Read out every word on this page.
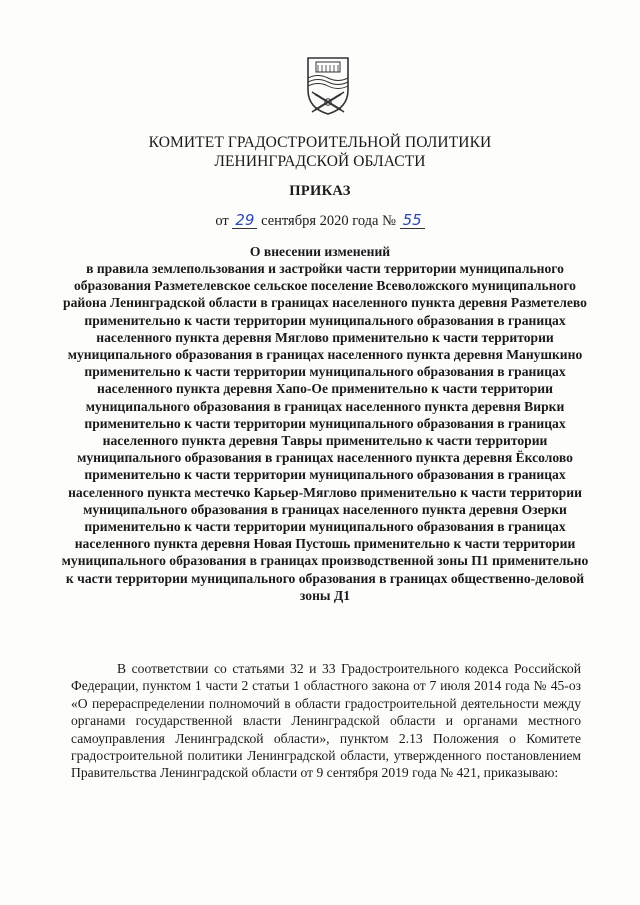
КОМИТЕТ ГРАДОСТРОИТЕЛЬНОЙ ПОЛИТИКИ
ЛЕНИНГРАДСКОЙ ОБЛАСТИ
ПРИКАЗ
от 29 сентября 2020 года № 55
О внесении изменений
в правила землепользования и застройки части территории муниципального образования Разметелевское сельское поселение Всеволожского муниципального района Ленинградской области в границах населенного пункта деревня Разметелево применительно к части территории муниципального образования в границах населенного пункта деревня Мяглово применительно к части территории муниципального образования в границах населенного пункта деревня Манушкино применительно к части территории муниципального образования в границах населенного пункта деревня Хапо-Ое применительно к части территории муниципального образования в границах населенного пункта деревня Вирки применительно к части территории муниципального образования в границах населенного пункта деревня Тавры применительно к части территории муниципального образования в границах населенного пункта деревня Ёксолово применительно к части территории муниципального образования в границах населенного пункта местечко Карьер-Мяглово применительно к части территории муниципального образования в границах населенного пункта деревня Озерки применительно к части территории муниципального образования в границах населенного пункта деревня Новая Пустошь применительно к части территории муниципального образования в границах производственной зоны П1 применительно к части территории муниципального образования в границах общественно-деловой зоны Д1
В соответствии со статьями 32 и 33 Градостроительного кодекса Российской Федерации, пунктом 1 части 2 статьи 1 областного закона от 7 июля 2014 года № 45-оз «О перераспределении полномочий в области градостроительной деятельности между органами государственной власти Ленинградской области и органами местного самоуправления Ленинградской области», пунктом 2.13 Положения о Комитете градостроительной политики Ленинградской области, утвержденного постановлением Правительства Ленинградской области от 9 сентября 2019 года № 421, приказываю:
